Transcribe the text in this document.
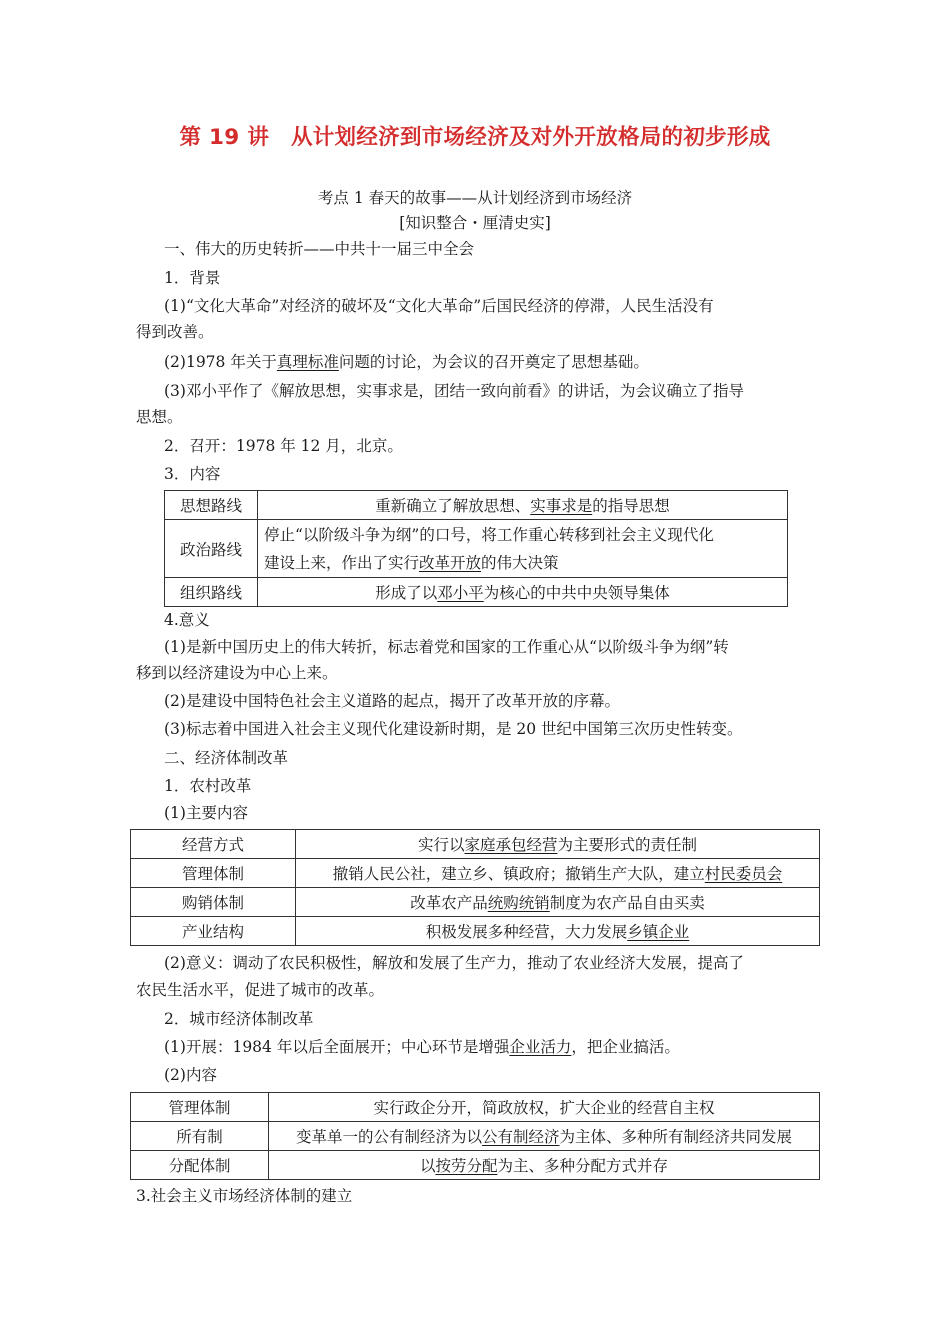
第 19 讲　从计划经济到市场经济及对外开放格局的初步形成
考点 1 春天的故事——从计划经济到市场经济
[知识整合・厘清史实]
一、伟大的历史转折——中共十一届三中全会
1．背景
(1)“文化大革命”对经济的破坏及“文化大革命”后国民经济的停滞，人民生活没有
得到改善。
(2)1978 年关于真理标准问题的讨论，为会议的召开奠定了思想基础。
(3)邓小平作了《解放思想，实事求是，团结一致向前看》的讲话，为会议确立了指导
思想。
2．召开：1978 年 12 月，北京。
3．内容
思想路线	重新确立了解放思想、实事求是的指导思想
政治路线	停止“以阶级斗争为纲”的口号，将工作重心转移到社会主义现代化
建设上来，作出了实行改革开放的伟大决策

组织路线	形成了以邓小平为核心的中共中央领导集体
4.意义
(1)是新中国历史上的伟大转折，标志着党和国家的工作重心从“以阶级斗争为纲”转
移到以经济建设为中心上来。
(2)是建设中国特色社会主义道路的起点，揭开了改革开放的序幕。
(3)标志着中国进入社会主义现代化建设新时期，是 20 世纪中国第三次历史性转变。
二、经济体制改革
1．农村改革
(1)主要内容
经营方式	实行以家庭承包经营为主要形式的责任制
管理体制	撤销人民公社，建立乡、镇政府；撤销生产大队，建立村民委员会
购销体制	改革农产品统购统销制度为农产品自由买卖
产业结构	积极发展多种经营，大力发展乡镇企业
(2)意义：调动了农民积极性，解放和发展了生产力，推动了农业经济大发展，提高了
农民生活水平，促进了城市的改革。
2．城市经济体制改革
(1)开展：1984 年以后全面展开；中心环节是增强企业活力，把企业搞活。
(2)内容
管理体制	实行政企分开，简政放权，扩大企业的经营自主权
所有制	变革单一的公有制经济为以公有制经济为主体、多种所有制经济共同发展
分配体制	以按劳分配为主、多种分配方式并存
3.社会主义市场经济体制的建立
